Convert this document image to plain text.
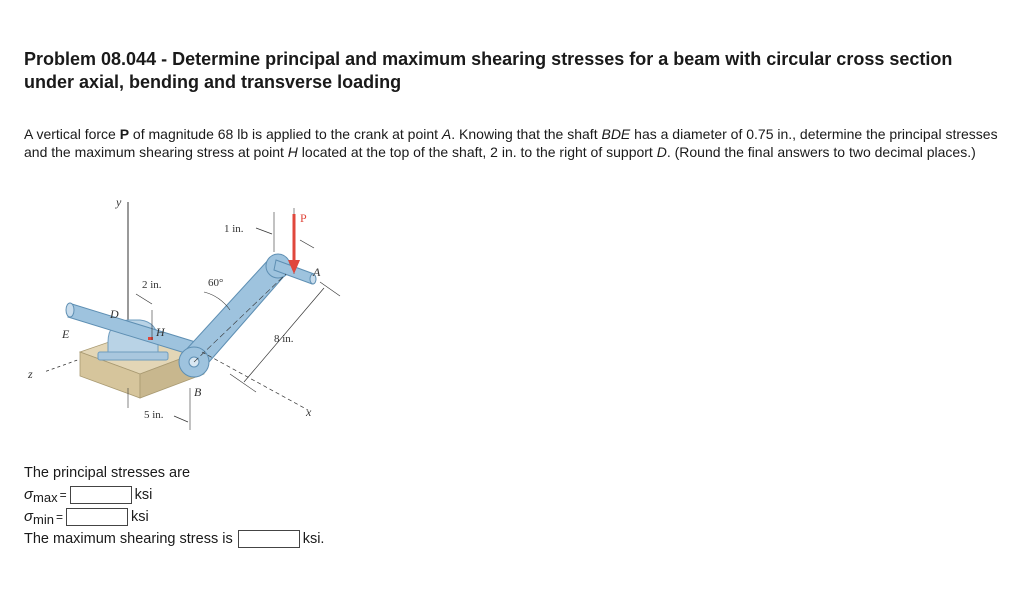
Problem 08.044 - Determine principal and maximum shearing stresses for a beam with circular cross section under axial, bending and transverse loading

A vertical force P of magnitude 68 lb is applied to the crank at point A. Knowing that the shaft BDE has a diameter of 0.75 in., determine the principal stresses and the maximum shearing stress at point H located at the top of the shaft, 2 in. to the right of support D. (Round the final answers to two decimal places.)

y
z
P
1 in.
A
60°
8 in.
x
2 in.
D
E	H
B
5 in.
The principal stresses are
σ max =	ksi
σ min =	ksi
The maximum shearing stress is	ksi.
